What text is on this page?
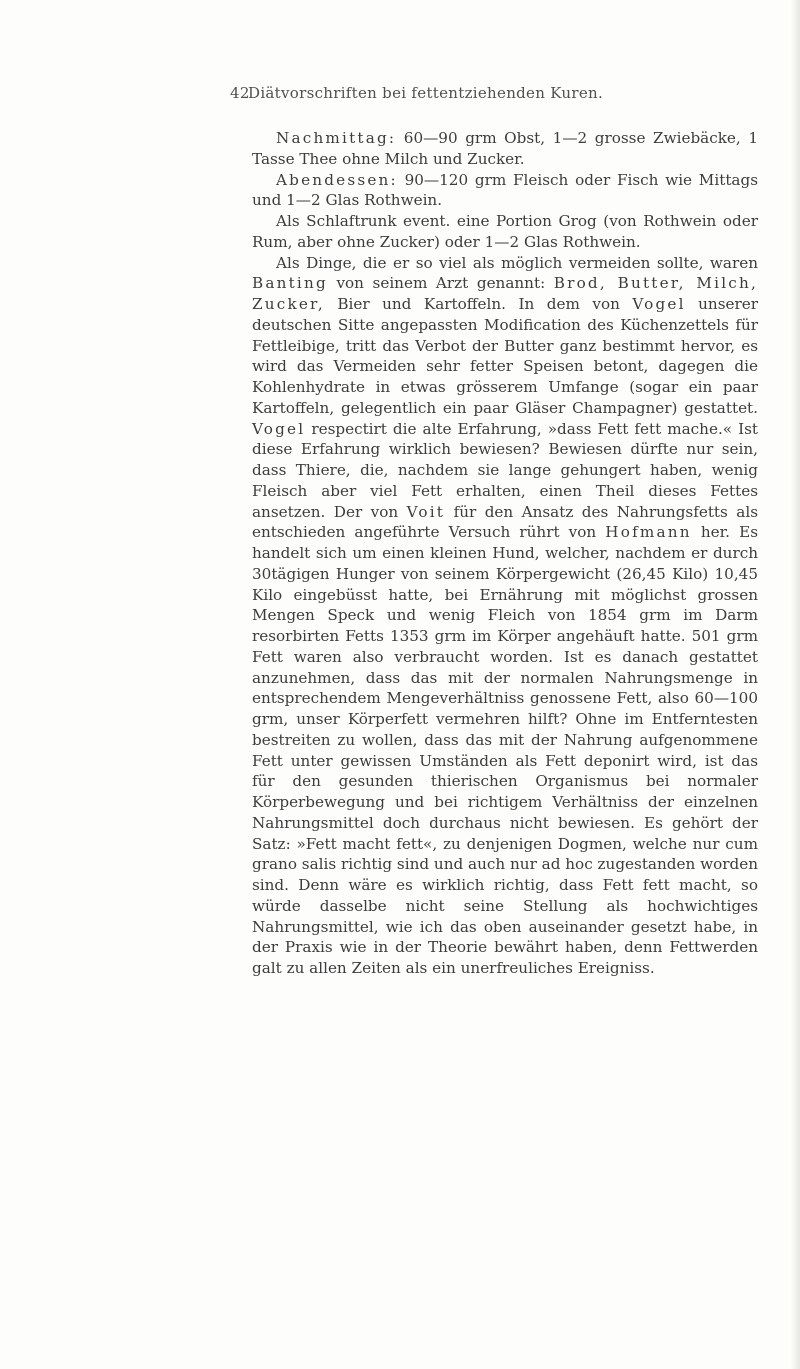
42
Diätvorschriften bei fettentziehenden Kuren.

Nachmittag: 60—90 grm Obst, 1—2 grosse Zwiebäcke, 1 Tasse Thee ohne Milch und Zucker.

Abendessen: 90—120 grm Fleisch oder Fisch wie Mittags und 1—2 Glas Rothwein.

Als Schlaftrunk event. eine Portion Grog (von Rothwein oder Rum, aber ohne Zucker) oder 1—2 Glas Rothwein.

Als Dinge, die er so viel als möglich vermeiden sollte, waren Banting von seinem Arzt genannt: Brod, Butter, Milch, Zucker, Bier und Kartoffeln. In dem von Vogel unserer deutschen Sitte angepassten Modification des Küchenzettels für Fettleibige, tritt das Verbot der Butter ganz bestimmt hervor, es wird das Vermeiden sehr fetter Speisen betont, dagegen die Kohlenhydrate in etwas grösserem Umfange (sogar ein paar Kartoffeln, gelegentlich ein paar Gläser Champagner) gestattet. Vogel respectirt die alte Erfahrung, »dass Fett fett mache.« Ist diese Erfahrung wirklich bewiesen? Bewiesen dürfte nur sein, dass Thiere, die, nachdem sie lange gehungert haben, wenig Fleisch aber viel Fett erhalten, einen Theil dieses Fettes ansetzen. Der von Voit für den Ansatz des Nahrungsfetts als entschieden angeführte Versuch rührt von Hofmann her. Es handelt sich um einen kleinen Hund, welcher, nachdem er durch 30tägigen Hunger von seinem Körpergewicht (26,45 Kilo) 10,45 Kilo eingebüsst hatte, bei Ernährung mit möglichst grossen Mengen Speck und wenig Fleich von 1854 grm im Darm resorbirten Fetts 1353 grm im Körper angehäuft hatte. 501 grm Fett waren also verbraucht worden. Ist es danach gestattet anzunehmen, dass das mit der normalen Nahrungsmenge in entsprechendem Mengeverhältniss genossene Fett, also 60—100 grm, unser Körperfett vermehren hilft? Ohne im Entferntesten bestreiten zu wollen, dass das mit der Nahrung aufgenommene Fett unter gewissen Umständen als Fett deponirt wird, ist das für den gesunden thierischen Organismus bei normaler Körperbewegung und bei richtigem Verhältniss der einzelnen Nahrungsmittel doch durchaus nicht bewiesen. Es gehört der Satz: »Fett macht fett«, zu denjenigen Dogmen, welche nur cum grano salis richtig sind und auch nur ad hoc zugestanden worden sind. Denn wäre es wirklich richtig, dass Fett fett macht, so würde dasselbe nicht seine Stellung als hochwichtiges Nahrungsmittel, wie ich das oben auseinander gesetzt habe, in der Praxis wie in der Theorie bewährt haben, denn Fettwerden galt zu allen Zeiten als ein unerfreuliches Ereigniss.
